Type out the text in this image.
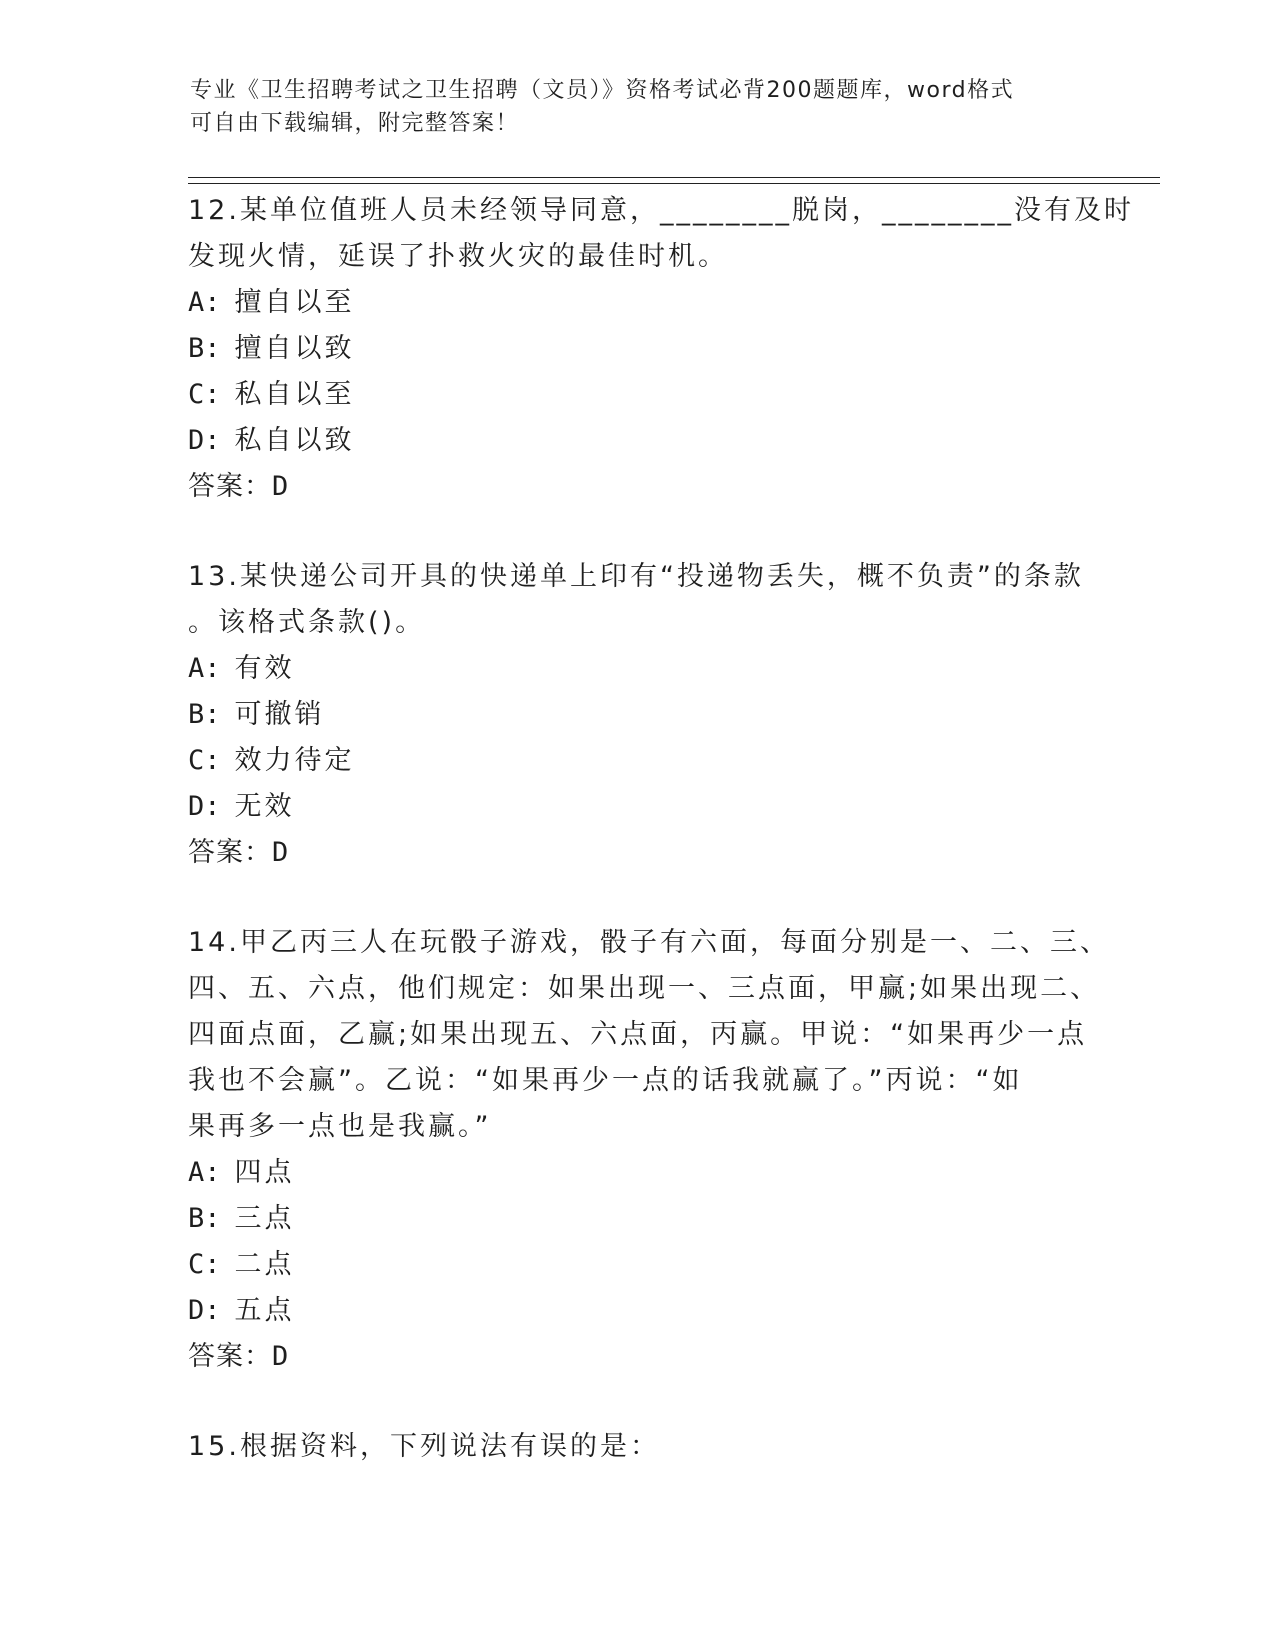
专业《卫生招聘考试之卫生招聘（文员）》资格考试必背200题题库，word格式
可自由下载编辑，附完整答案！
12.某单位值班人员未经领导同意，________脱岗，________没有及时
发现火情，延误了扑救火灾的最佳时机。
A: 擅自以至
B: 擅自以致
C: 私自以至
D: 私自以致
答案：D
13.某快递公司开具的快递单上印有“投递物丢失，概不负责”的条款
。该格式条款()。
A: 有效
B: 可撤销
C: 效力待定
D: 无效
答案：D
14.甲乙丙三人在玩骰子游戏，骰子有六面，每面分别是一、二、三、
四、五、六点，他们规定：如果出现一、三点面，甲赢;如果出现二、
四面点面，乙赢;如果出现五、六点面，丙赢。甲说：“如果再少一点
我也不会赢”。乙说：“如果再少一点的话我就赢了。”丙说：“如
果再多一点也是我赢。”
A: 四点
B: 三点
C: 二点
D: 五点
答案：D
15.根据资料，下列说法有误的是：
